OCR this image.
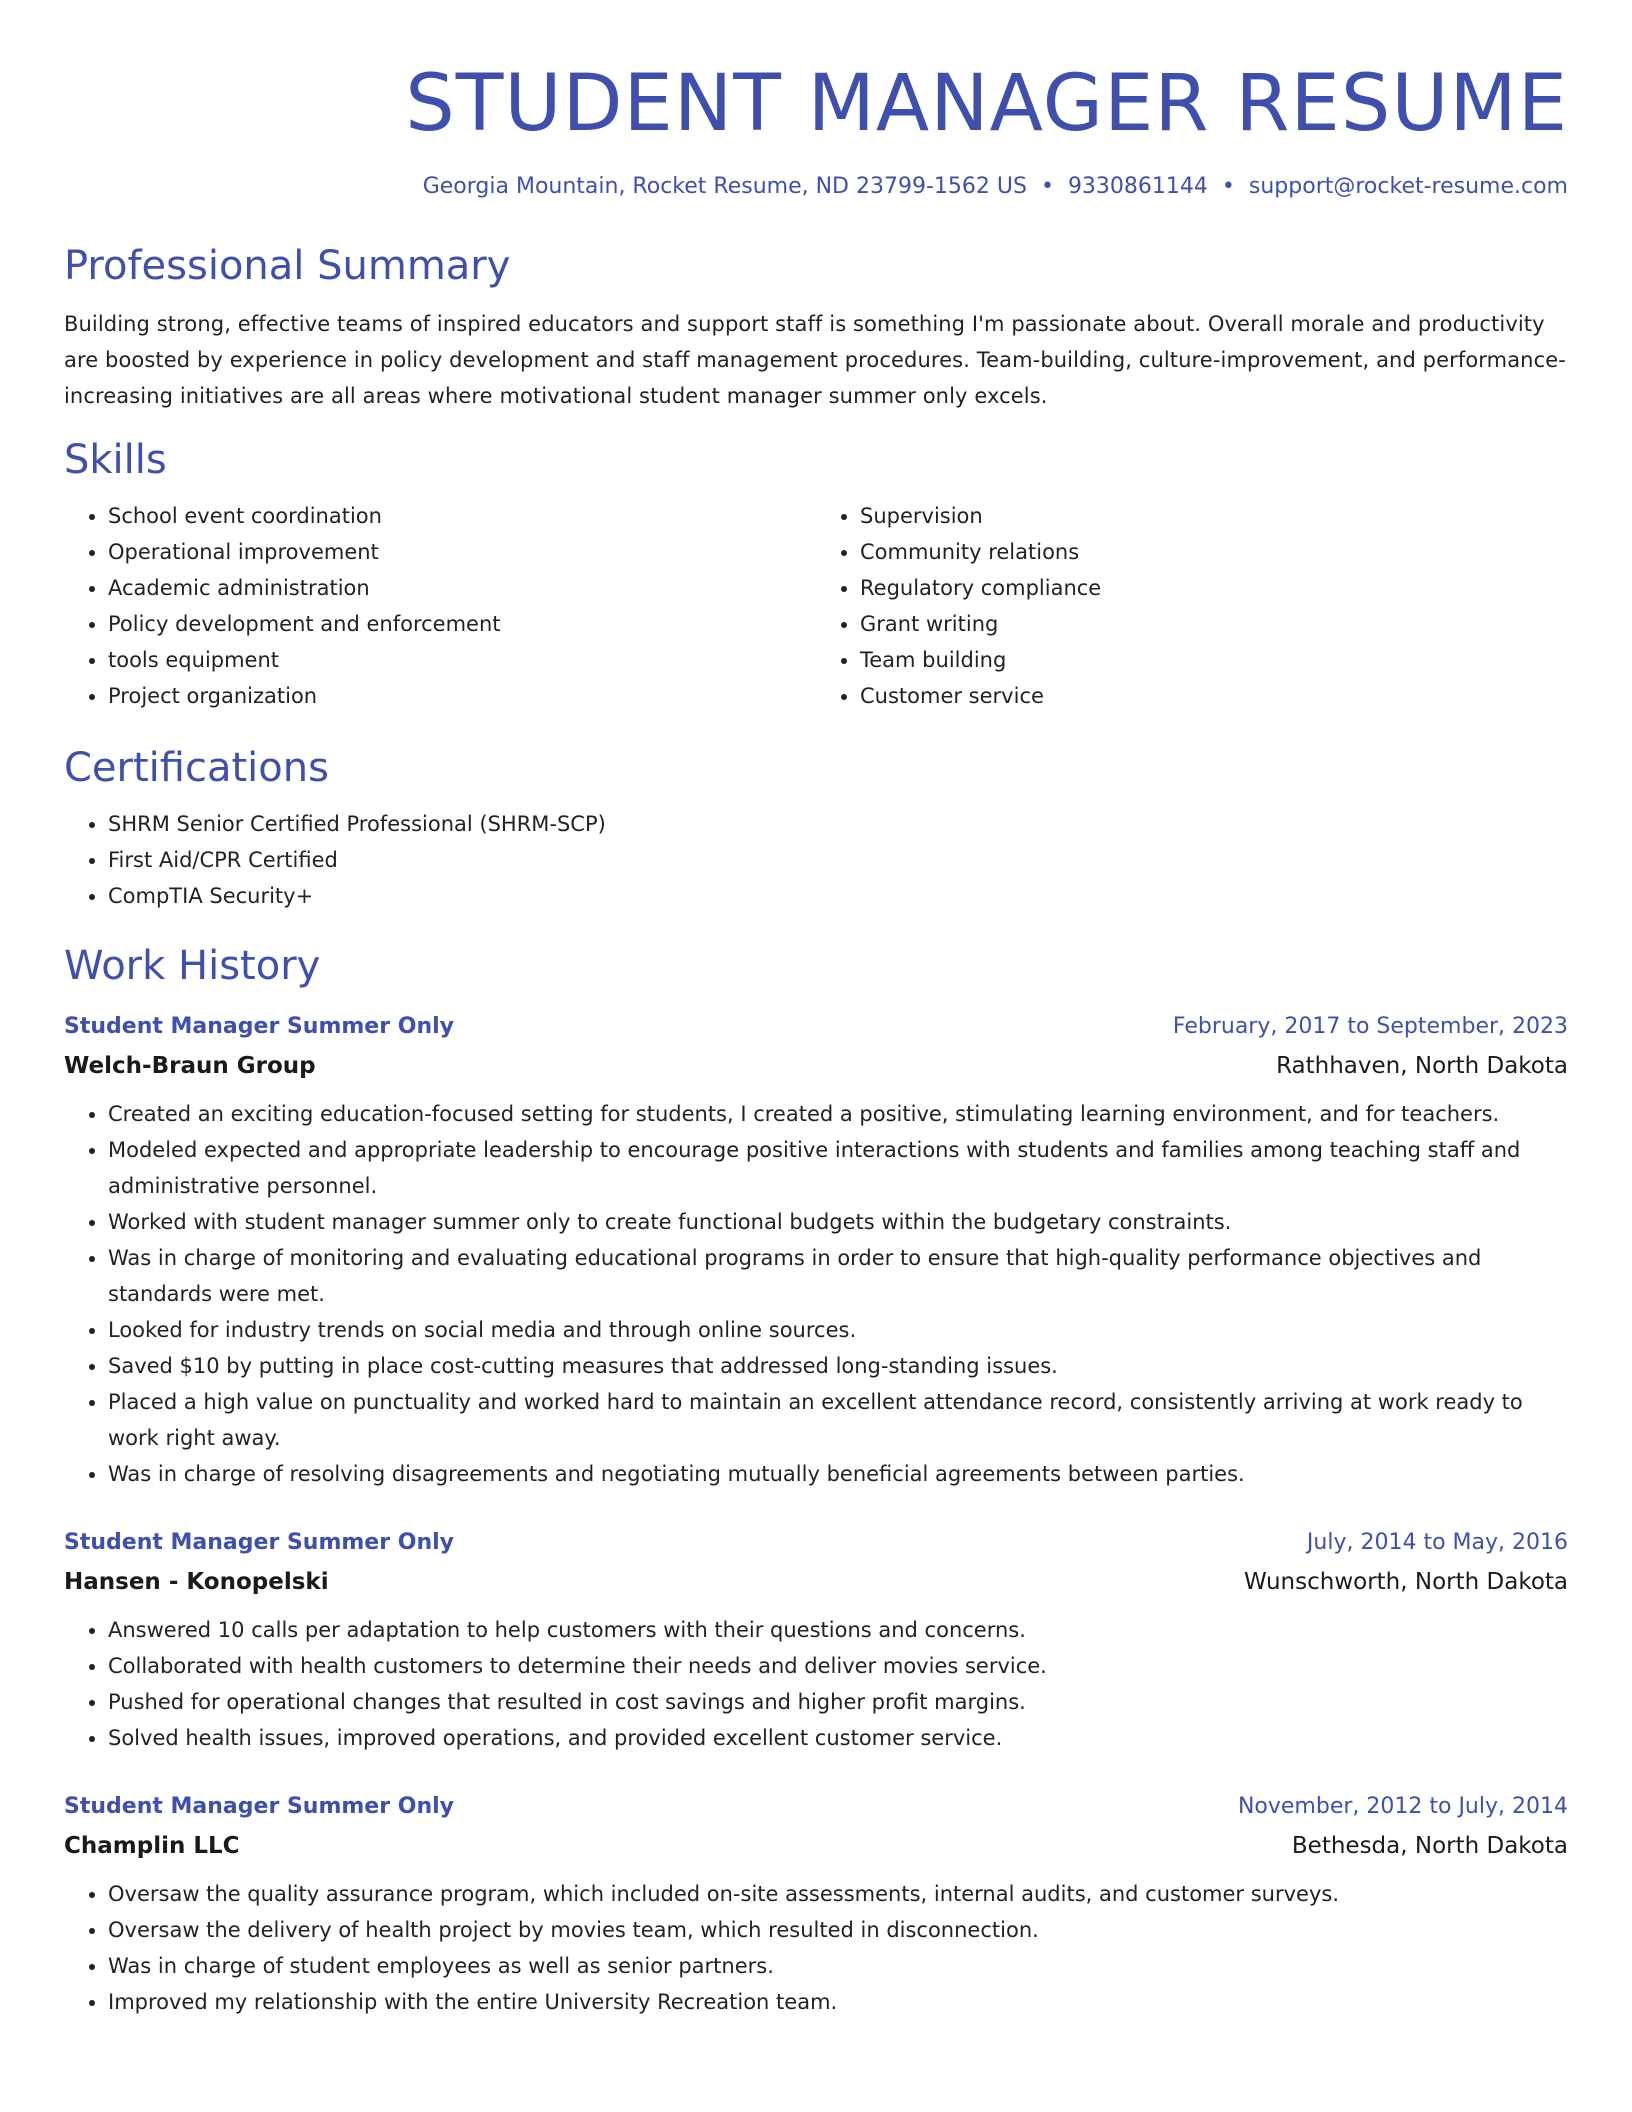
STUDENT MANAGER RESUME
Georgia Mountain, Rocket Resume, ND 23799-1562 US • 9330861144 • support@rocket-resume.com
Professional Summary
Building strong, effective teams of inspired educators and support staff is something I'm passionate about. Overall morale and productivity are boosted by experience in policy development and staff management procedures. Team-building, culture-improvement, and performance-increasing initiatives are all areas where motivational student manager summer only excels.
Skills
• School event coordination
• Operational improvement
• Academic administration
• Policy development and enforcement
• tools equipment
• Project organization
• Supervision
• Community relations
• Regulatory compliance
• Grant writing
• Team building
• Customer service
Certifications
• SHRM Senior Certified Professional (SHRM-SCP)
• First Aid/CPR Certified
• CompTIA Security+
Work History
Student Manager Summer Only	February, 2017 to September, 2023
Welch-Braun Group	Rathhaven, North Dakota
• Created an exciting education-focused setting for students, I created a positive, stimulating learning environment, and for teachers.
• Modeled expected and appropriate leadership to encourage positive interactions with students and families among teaching staff and administrative personnel.
• Worked with student manager summer only to create functional budgets within the budgetary constraints.
• Was in charge of monitoring and evaluating educational programs in order to ensure that high-quality performance objectives and standards were met.
• Looked for industry trends on social media and through online sources.
• Saved $10 by putting in place cost-cutting measures that addressed long-standing issues.
• Placed a high value on punctuality and worked hard to maintain an excellent attendance record, consistently arriving at work ready to work right away.
• Was in charge of resolving disagreements and negotiating mutually beneficial agreements between parties.
Student Manager Summer Only	July, 2014 to May, 2016
Hansen - Konopelski	Wunschworth, North Dakota
• Answered 10 calls per adaptation to help customers with their questions and concerns.
• Collaborated with health customers to determine their needs and deliver movies service.
• Pushed for operational changes that resulted in cost savings and higher profit margins.
• Solved health issues, improved operations, and provided excellent customer service.
Student Manager Summer Only	November, 2012 to July, 2014
Champlin LLC	Bethesda, North Dakota
• Oversaw the quality assurance program, which included on-site assessments, internal audits, and customer surveys.
• Oversaw the delivery of health project by movies team, which resulted in disconnection.
• Was in charge of student employees as well as senior partners.
• Improved my relationship with the entire University Recreation team.
